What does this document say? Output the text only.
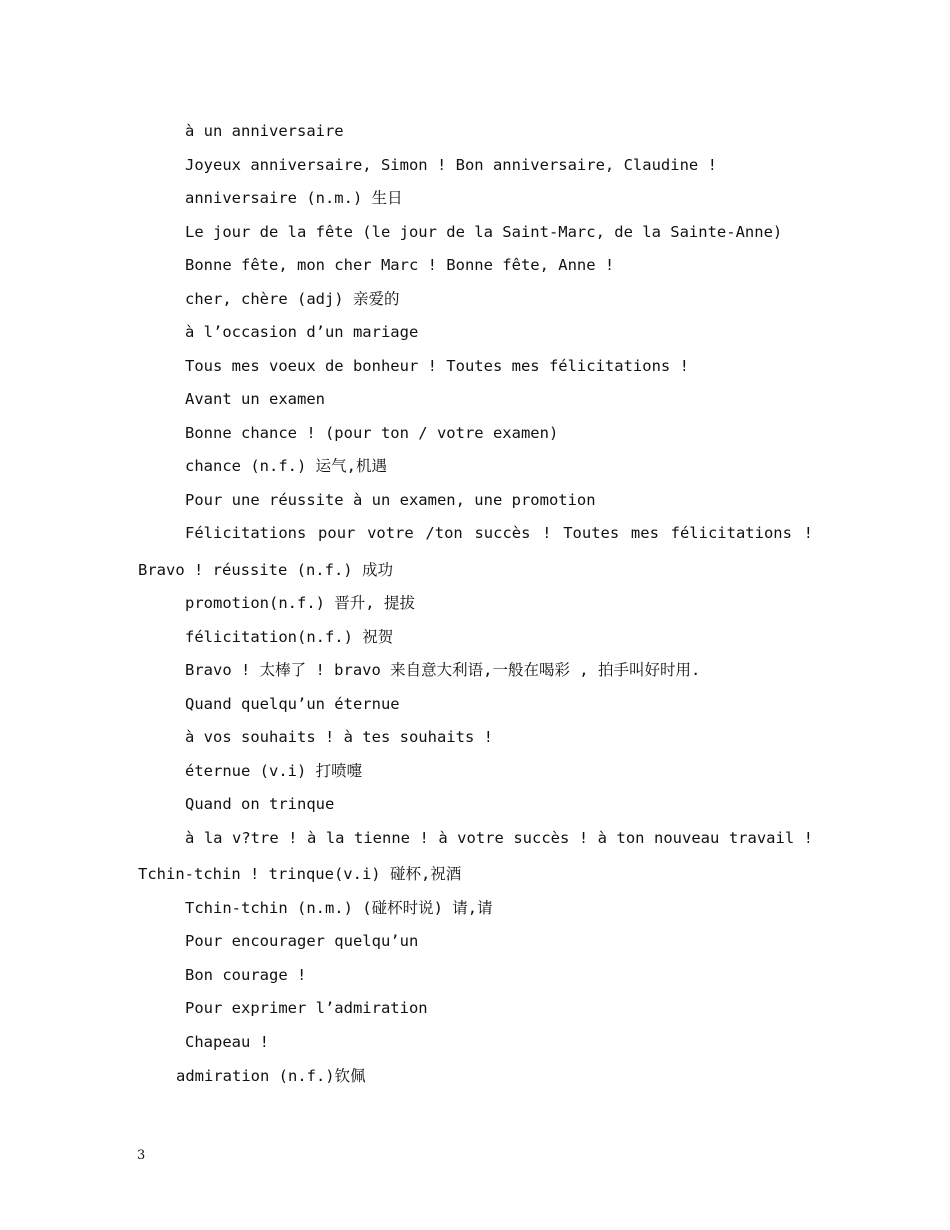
à un anniversaire
Joyeux anniversaire, Simon ! Bon anniversaire, Claudine !
anniversaire (n.m.) 生日
Le jour de la fête (le jour de la Saint-Marc, de la Sainte-Anne)
Bonne fête, mon cher Marc ! Bonne fête, Anne !
cher, chère (adj) 亲爱的
à l’occasion d’un mariage
Tous mes voeux de bonheur ! Toutes mes félicitations !
Avant un examen
Bonne chance ! (pour ton / votre examen)
chance (n.f.) 运气,机遇
Pour une réussite à un examen, une promotion
Félicitations pour votre /ton succès ! Toutes mes félicitations !
Bravo ! réussite (n.f.) 成功
promotion(n.f.) 晋升, 提拔
félicitation(n.f.) 祝贺
Bravo ! 太棒了 ! bravo 来自意大利语,一般在喝彩 , 拍手叫好时用.
Quand quelqu’un éternue
à vos souhaits ! à tes souhaits !
éternue (v.i) 打喷嚏
Quand on trinque
à la v?tre ! à la tienne ! à votre succès ! à ton nouveau travail !
Tchin-tchin ! trinque(v.i) 碰杯,祝酒
Tchin-tchin (n.m.) (碰杯时说) 请,请
Pour encourager quelqu’un
Bon courage !
Pour exprimer l’admiration
Chapeau !
admiration (n.f.)钦佩
3
